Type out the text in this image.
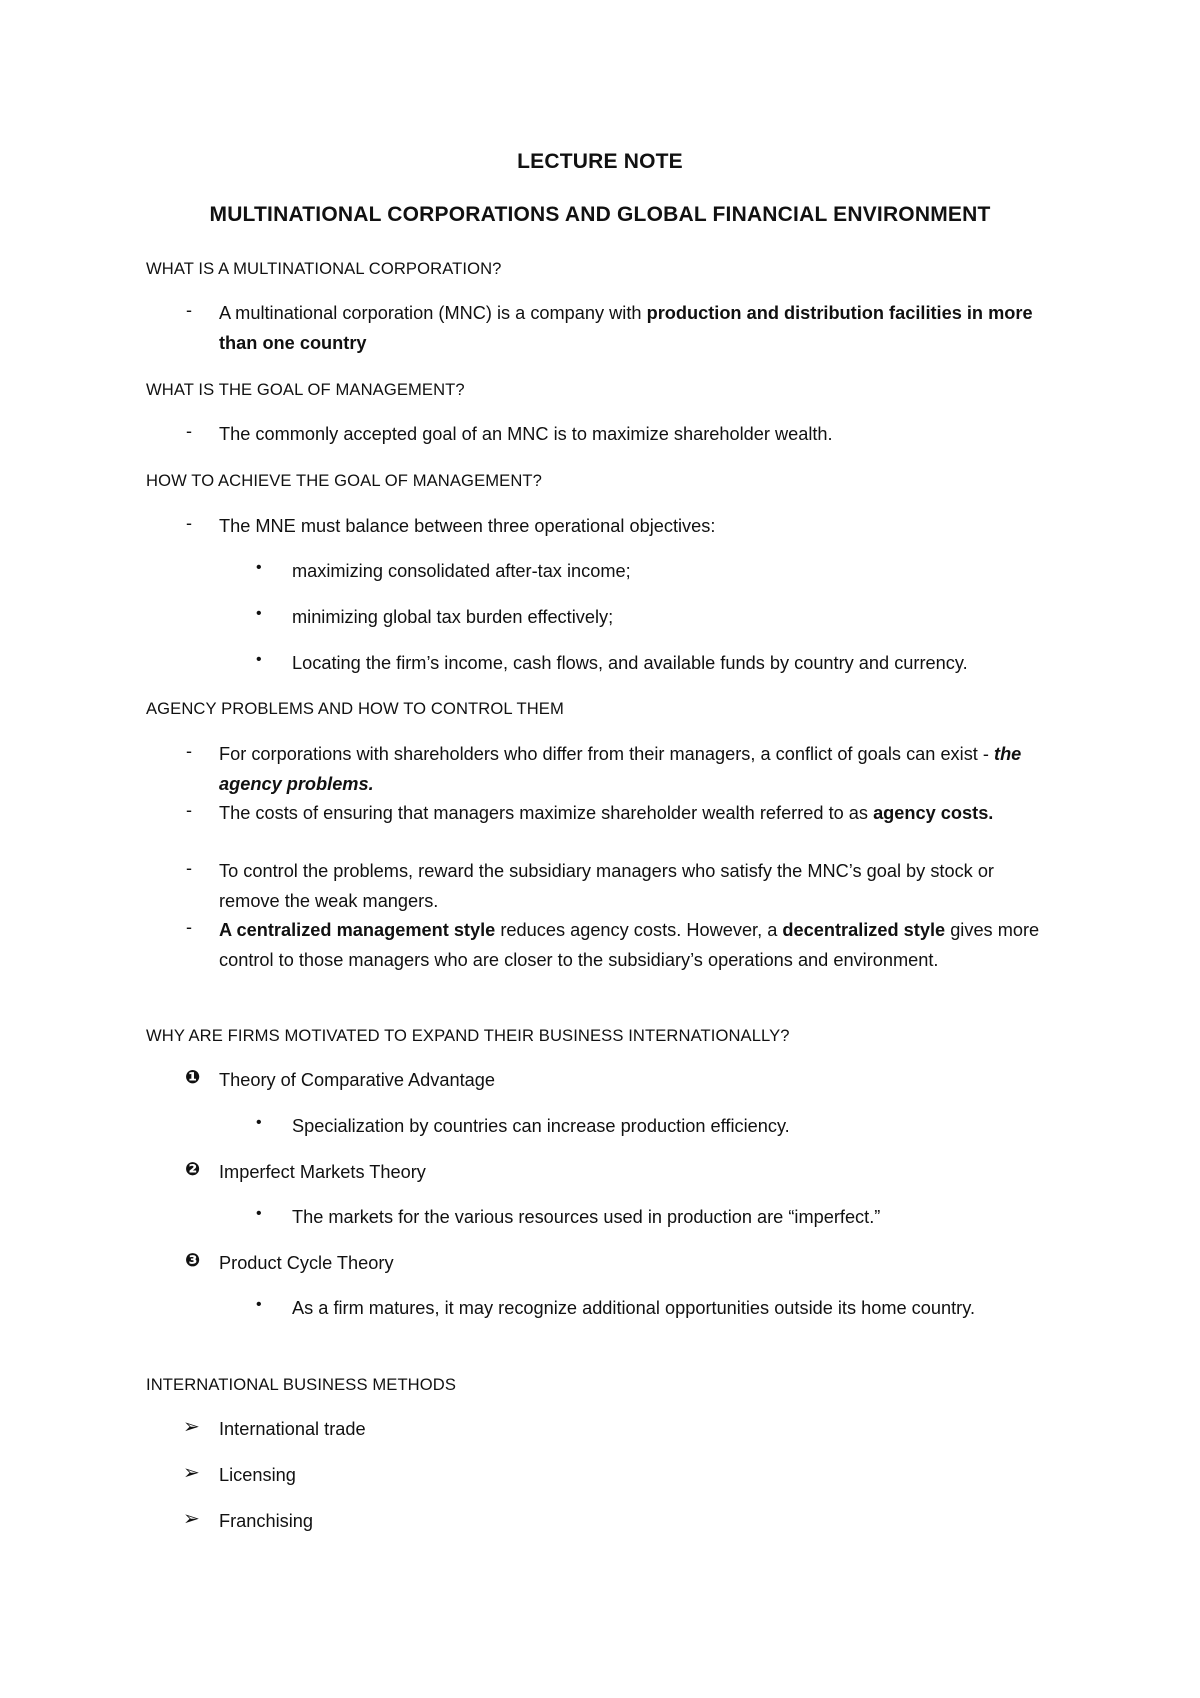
LECTURE NOTE

MULTINATIONAL CORPORATIONS AND GLOBAL FINANCIAL ENVIRONMENT

WHAT IS A MULTINATIONAL CORPORATION?

- A multinational corporation (MNC) is a company with production and distribution facilities in more than one country

WHAT IS THE GOAL OF MANAGEMENT?

- The commonly accepted goal of an MNC is to maximize shareholder wealth.

HOW TO ACHIEVE THE GOAL OF MANAGEMENT?

- The MNE must balance between three operational objectives:

• maximizing consolidated after-tax income;

• minimizing global tax burden effectively;

• Locating the firm’s income, cash flows, and available funds by country and currency.

AGENCY PROBLEMS AND HOW TO CONTROL THEM

- For corporations with shareholders who differ from their managers, a conflict of goals can exist - the agency problems.

- The costs of ensuring that managers maximize shareholder wealth referred to as agency costs.

- To control the problems, reward the subsidiary managers who satisfy the MNC’s goal by stock or remove the weak mangers.

- A centralized management style reduces agency costs. However, a decentralized style gives more control to those managers who are closer to the subsidiary’s operations and environment.

WHY ARE FIRMS MOTIVATED TO EXPAND THEIR BUSINESS INTERNATIONALLY?

❶ Theory of Comparative Advantage

• Specialization by countries can increase production efficiency.

❷ Imperfect Markets Theory

• The markets for the various resources used in production are “imperfect.”

❸ Product Cycle Theory

• As a firm matures, it may recognize additional opportunities outside its home country.

INTERNATIONAL BUSINESS METHODS

➢ International trade

➢ Licensing

➢ Franchising
